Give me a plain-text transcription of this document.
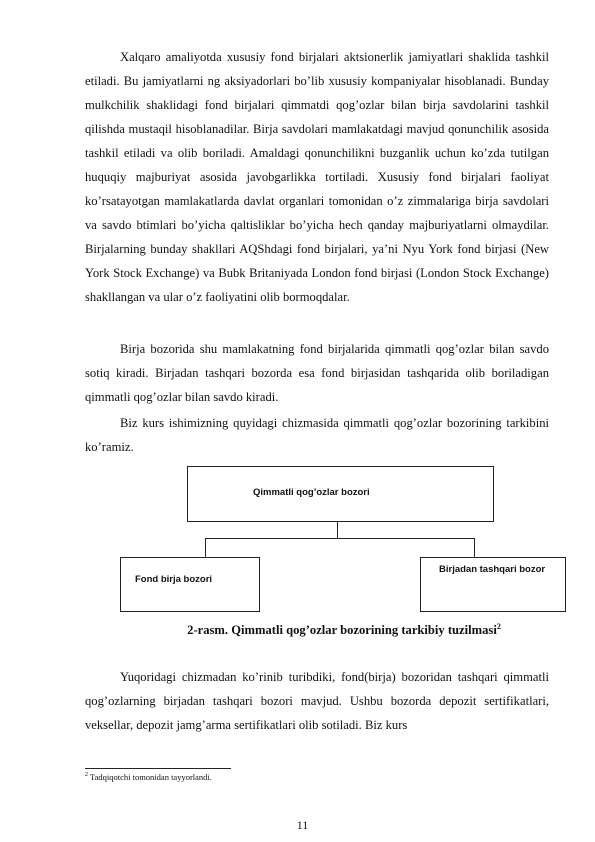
Xalqaro amaliyotda xususiy fond birjalari aktsionerlik jamiyatlari shaklida tashkil etiladi. Bu jamiyatlarni ng aksiyadorlari bo’lib xususiy kompaniyalar hisoblanadi. Bunday mulkchilik shaklidagi fond birjalari qimmatdi qog’ozlar bilan birja savdolarini tashkil qilishda mustaqil hisoblanadilar. Birja savdolari mamlakatdagi mavjud qonunchilik asosida tashkil etiladi va olib boriladi. Amaldagi qonunchilikni buzganlik uchun ko’zda tutilgan huquqiy majburiyat asosida javobgarlikka tortiladi. Xususiy fond birjalari faoliyat ko’rsatayotgan mamlakatlarda davlat organlari tomonidan o’z zimmalariga birja savdolari va savdo btimlari bo’yicha qaltisliklar bo’yicha hech qanday majburiyatlarni olmaydilar. Birjalarning bunday shakllari AQShdagi fond birjalari, ya’ni Nyu York fond birjasi (New York Stock Exchange) va Bubk Britaniyada London fond birjasi (London Stock Exchange) shakllangan va ular o’z faoliyatini olib bormoqdalar.

Birja bozorida shu mamlakatning fond birjalarida qimmatli qog’ozlar bilan savdo sotiq kiradi. Birjadan tashqari bozorda esa fond birjasidan tashqarida olib boriladigan qimmatli qog’ozlar bilan savdo kiradi.

Biz kurs ishimizning quyidagi chizmasida qimmatli qog’ozlar bozorining tarkibini ko’ramiz.

Qimmatli qog’ozlar bozori
Fond birja bozori
Birjadan tashqari bozor

2-rasm. Qimmatli qog’ozlar bozorining tarkibiy tuzilmasi$^2$

Yuqoridagi chizmadan ko’rinib turibdiki, fond(birja) bozoridan tashqari qimmatli qog’ozlarning birjadan tashqari bozori mavjud. Ushbu bozorda depozit sertifikatlari, veksellar, depozit jamg’arma sertifikatlari olib sotiladi. Biz kurs

$^2$ Tadqiqotchi tomonidan tayyorlandi.

11
